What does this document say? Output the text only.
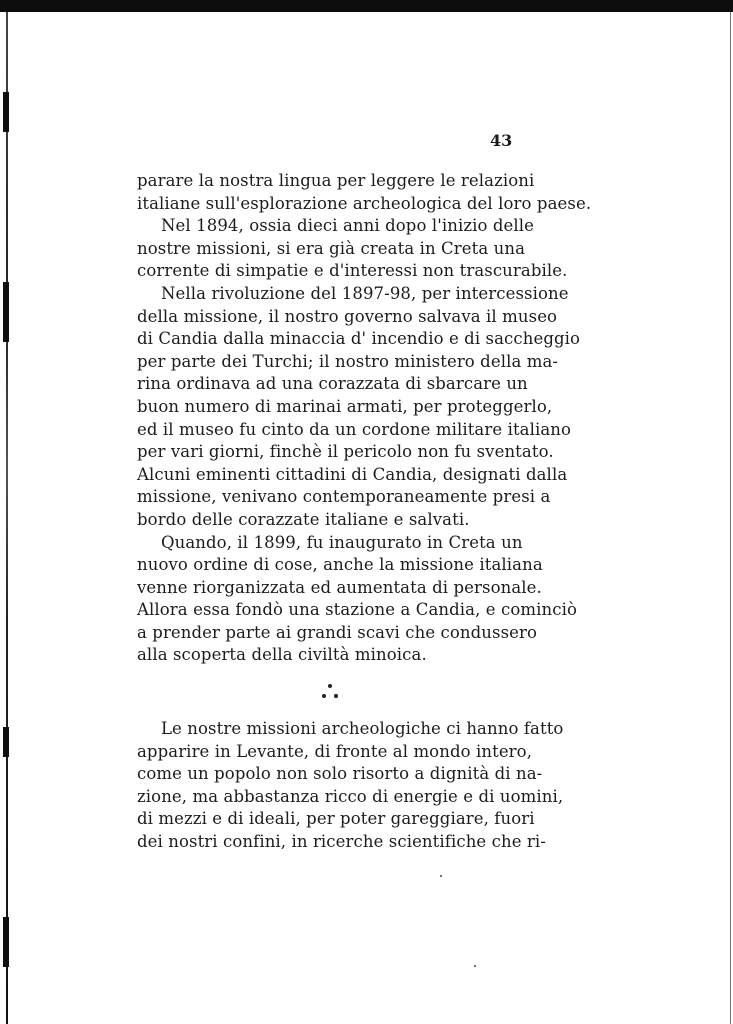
43
parare la nostra lingua per leggere le relazioni
italiane sull'esplorazione archeologica del loro paese.
Nel 1894, ossia dieci anni dopo l'inizio delle
nostre missioni, si era già creata in Creta una
corrente di simpatie e d'interessi non trascurabile.
Nella rivoluzione del 1897-98, per intercessione
della missione, il nostro governo salvava il museo
di Candia dalla minaccia d' incendio e di saccheggio
per parte dei Turchi; il nostro ministero della ma-
rina ordinava ad una corazzata di sbarcare un
buon numero di marinai armati, per proteggerlo,
ed il museo fu cinto da un cordone militare italiano
per vari giorni, finchè il pericolo non fu sventato.
Alcuni eminenti cittadini di Candia, designati dalla
missione, venivano contemporaneamente presi a
bordo delle corazzate italiane e salvati.
Quando, il 1899, fu inaugurato in Creta un
nuovo ordine di cose, anche la missione italiana
venne riorganizzata ed aumentata di personale.
Allora essa fondò una stazione a Candia, e cominciò
a prender parte ai grandi scavi che condussero
alla scoperta della civiltà minoica.
Le nostre missioni archeologiche ci hanno fatto
apparire in Levante, di fronte al mondo intero,
come un popolo non solo risorto a dignità di na-
zione, ma abbastanza ricco di energie e di uomini,
di mezzi e di ideali, per poter gareggiare, fuori
dei nostri confini, in ricerche scientifiche che ri-
